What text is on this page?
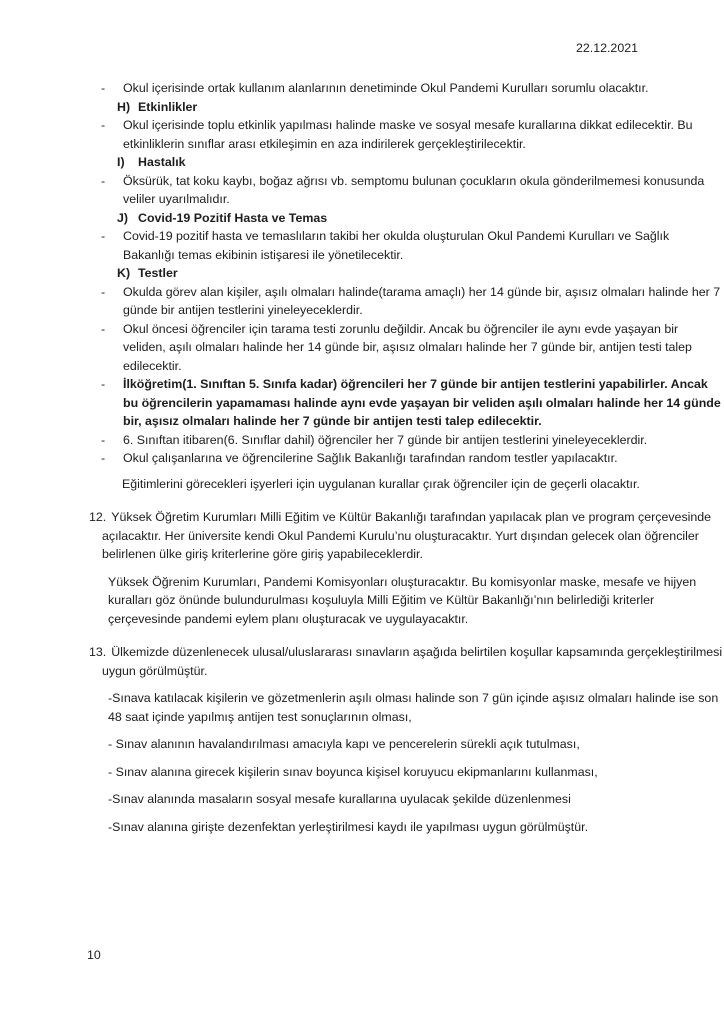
22.12.2021
- Okul içerisinde ortak kullanım alanlarının denetiminde Okul Pandemi Kurulları sorumlu olacaktır.
H) Etkinlikler
- Okul içerisinde toplu etkinlik yapılması halinde maske ve sosyal mesafe kurallarına dikkat edilecektir. Bu etkinliklerin sınıflar arası etkileşimin en aza indirilerek gerçekleştirilecektir.
I) Hastalık
- Öksürük, tat koku kaybı, boğaz ağrısı vb. semptomu bulunan çocukların okula gönderilmemesi konusunda veliler uyarılmalıdır.
J) Covid-19 Pozitif Hasta ve Temas
- Covid-19 pozitif hasta ve temaslıların takibi her okulda oluşturulan Okul Pandemi Kurulları ve Sağlık Bakanlığı temas ekibinin istişaresi ile yönetilecektir.
K) Testler
- Okulda görev alan kişiler, aşılı olmaları halinde(tarama amaçlı) her 14 günde bir, aşısız olmaları halinde her 7 günde bir antijen testlerini yineleyeceklerdir.
- Okul öncesi öğrenciler için tarama testi zorunlu değildir. Ancak bu öğrenciler ile aynı evde yaşayan bir veliden, aşılı olmaları halinde her 14 günde bir, aşısız olmaları halinde her 7 günde bir, antijen testi talep edilecektir.
- İlköğretim(1. Sınıftan 5. Sınıfa kadar) öğrencileri her 7 günde bir antijen testlerini yapabilirler. Ancak bu öğrencilerin yapamaması halinde aynı evde yaşayan bir veliden aşılı olmaları halinde her 14 günde bir, aşısız olmaları halinde her 7 günde bir antijen testi talep edilecektir.
- 6. Sınıftan itibaren(6. Sınıflar dahil) öğrenciler her 7 günde bir antijen testlerini yineleyeceklerdir.
- Okul çalışanlarına ve öğrencilerine Sağlık Bakanlığı tarafından random testler yapılacaktır.
Eğitimlerini görecekleri işyerleri için uygulanan kurallar çırak öğrenciler için de geçerli olacaktır.
12. Yüksek Öğretim Kurumları Milli Eğitim ve Kültür Bakanlığı tarafından yapılacak plan ve program çerçevesinde açılacaktır. Her üniversite kendi Okul Pandemi Kurulu’nu oluşturacaktır. Yurt dışından gelecek olan öğrenciler belirlenen ülke giriş kriterlerine göre giriş yapabileceklerdir.
Yüksek Öğrenim Kurumları, Pandemi Komisyonları oluşturacaktır. Bu komisyonlar maske, mesafe ve hijyen kuralları göz önünde bulundurulması koşuluyla Milli Eğitim ve Kültür Bakanlığı’nın belirlediği kriterler çerçevesinde pandemi eylem planı oluşturacak ve uygulayacaktır.
13. Ülkemizde düzenlenecek ulusal/uluslararası sınavların aşağıda belirtilen koşullar kapsamında gerçekleştirilmesi uygun görülmüştür.
-Sınava katılacak kişilerin ve gözetmenlerin aşılı olması halinde son 7 gün içinde aşısız olmaları halinde ise son 48 saat içinde yapılmış antijen test sonuçlarının olması,
- Sınav alanının havalandırılması amacıyla kapı ve pencerelerin sürekli açık tutulması,
- Sınav alanına girecek kişilerin sınav boyunca kişisel koruyucu ekipmanlarını kullanması,
-Sınav alanında masaların sosyal mesafe kurallarına uyulacak şekilde düzenlenmesi
-Sınav alanına girişte dezenfektan yerleştirilmesi kaydı ile yapılması uygun görülmüştür.
10
